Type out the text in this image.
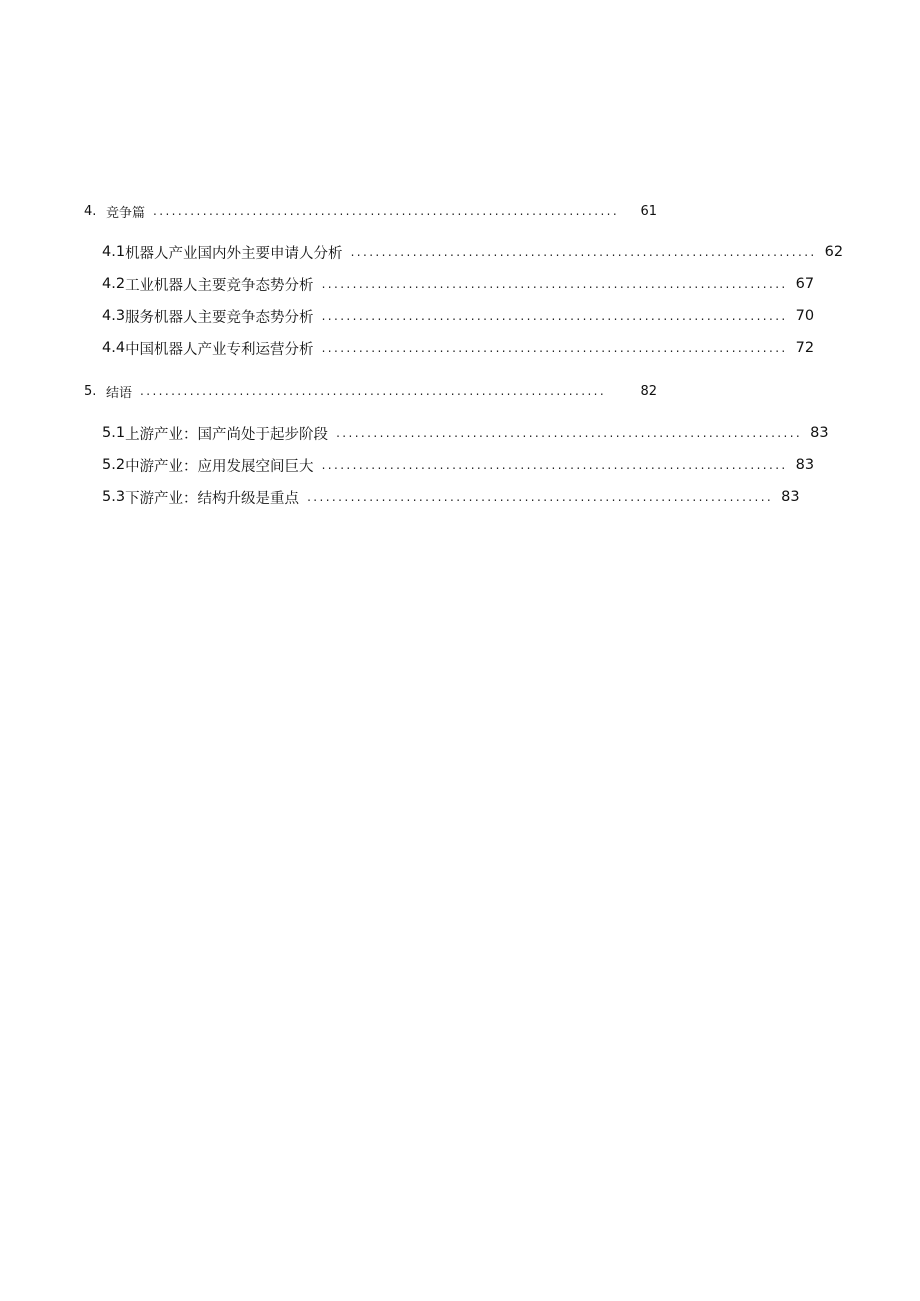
4. 竞争篇 ...........................................................................	61
4.1 机器人产业国内外主要申请人分析 ........................................................................... 62
4.2 工业机器人主要竞争态势分析 ........................................................................... 67
4.3 服务机器人主要竞争态势分析 ........................................................................... 70
4.4 中国机器人产业专利运营分析 ........................................................................... 72
5. 结语 ...........................................................................	82
5.1 上游产业：国产尚处于起步阶段 ........................................................................... 83
5.2 中游产业：应用发展空间巨大 ........................................................................... 83
5.3 下游产业：结构升级是重点 ........................................................................... 83
